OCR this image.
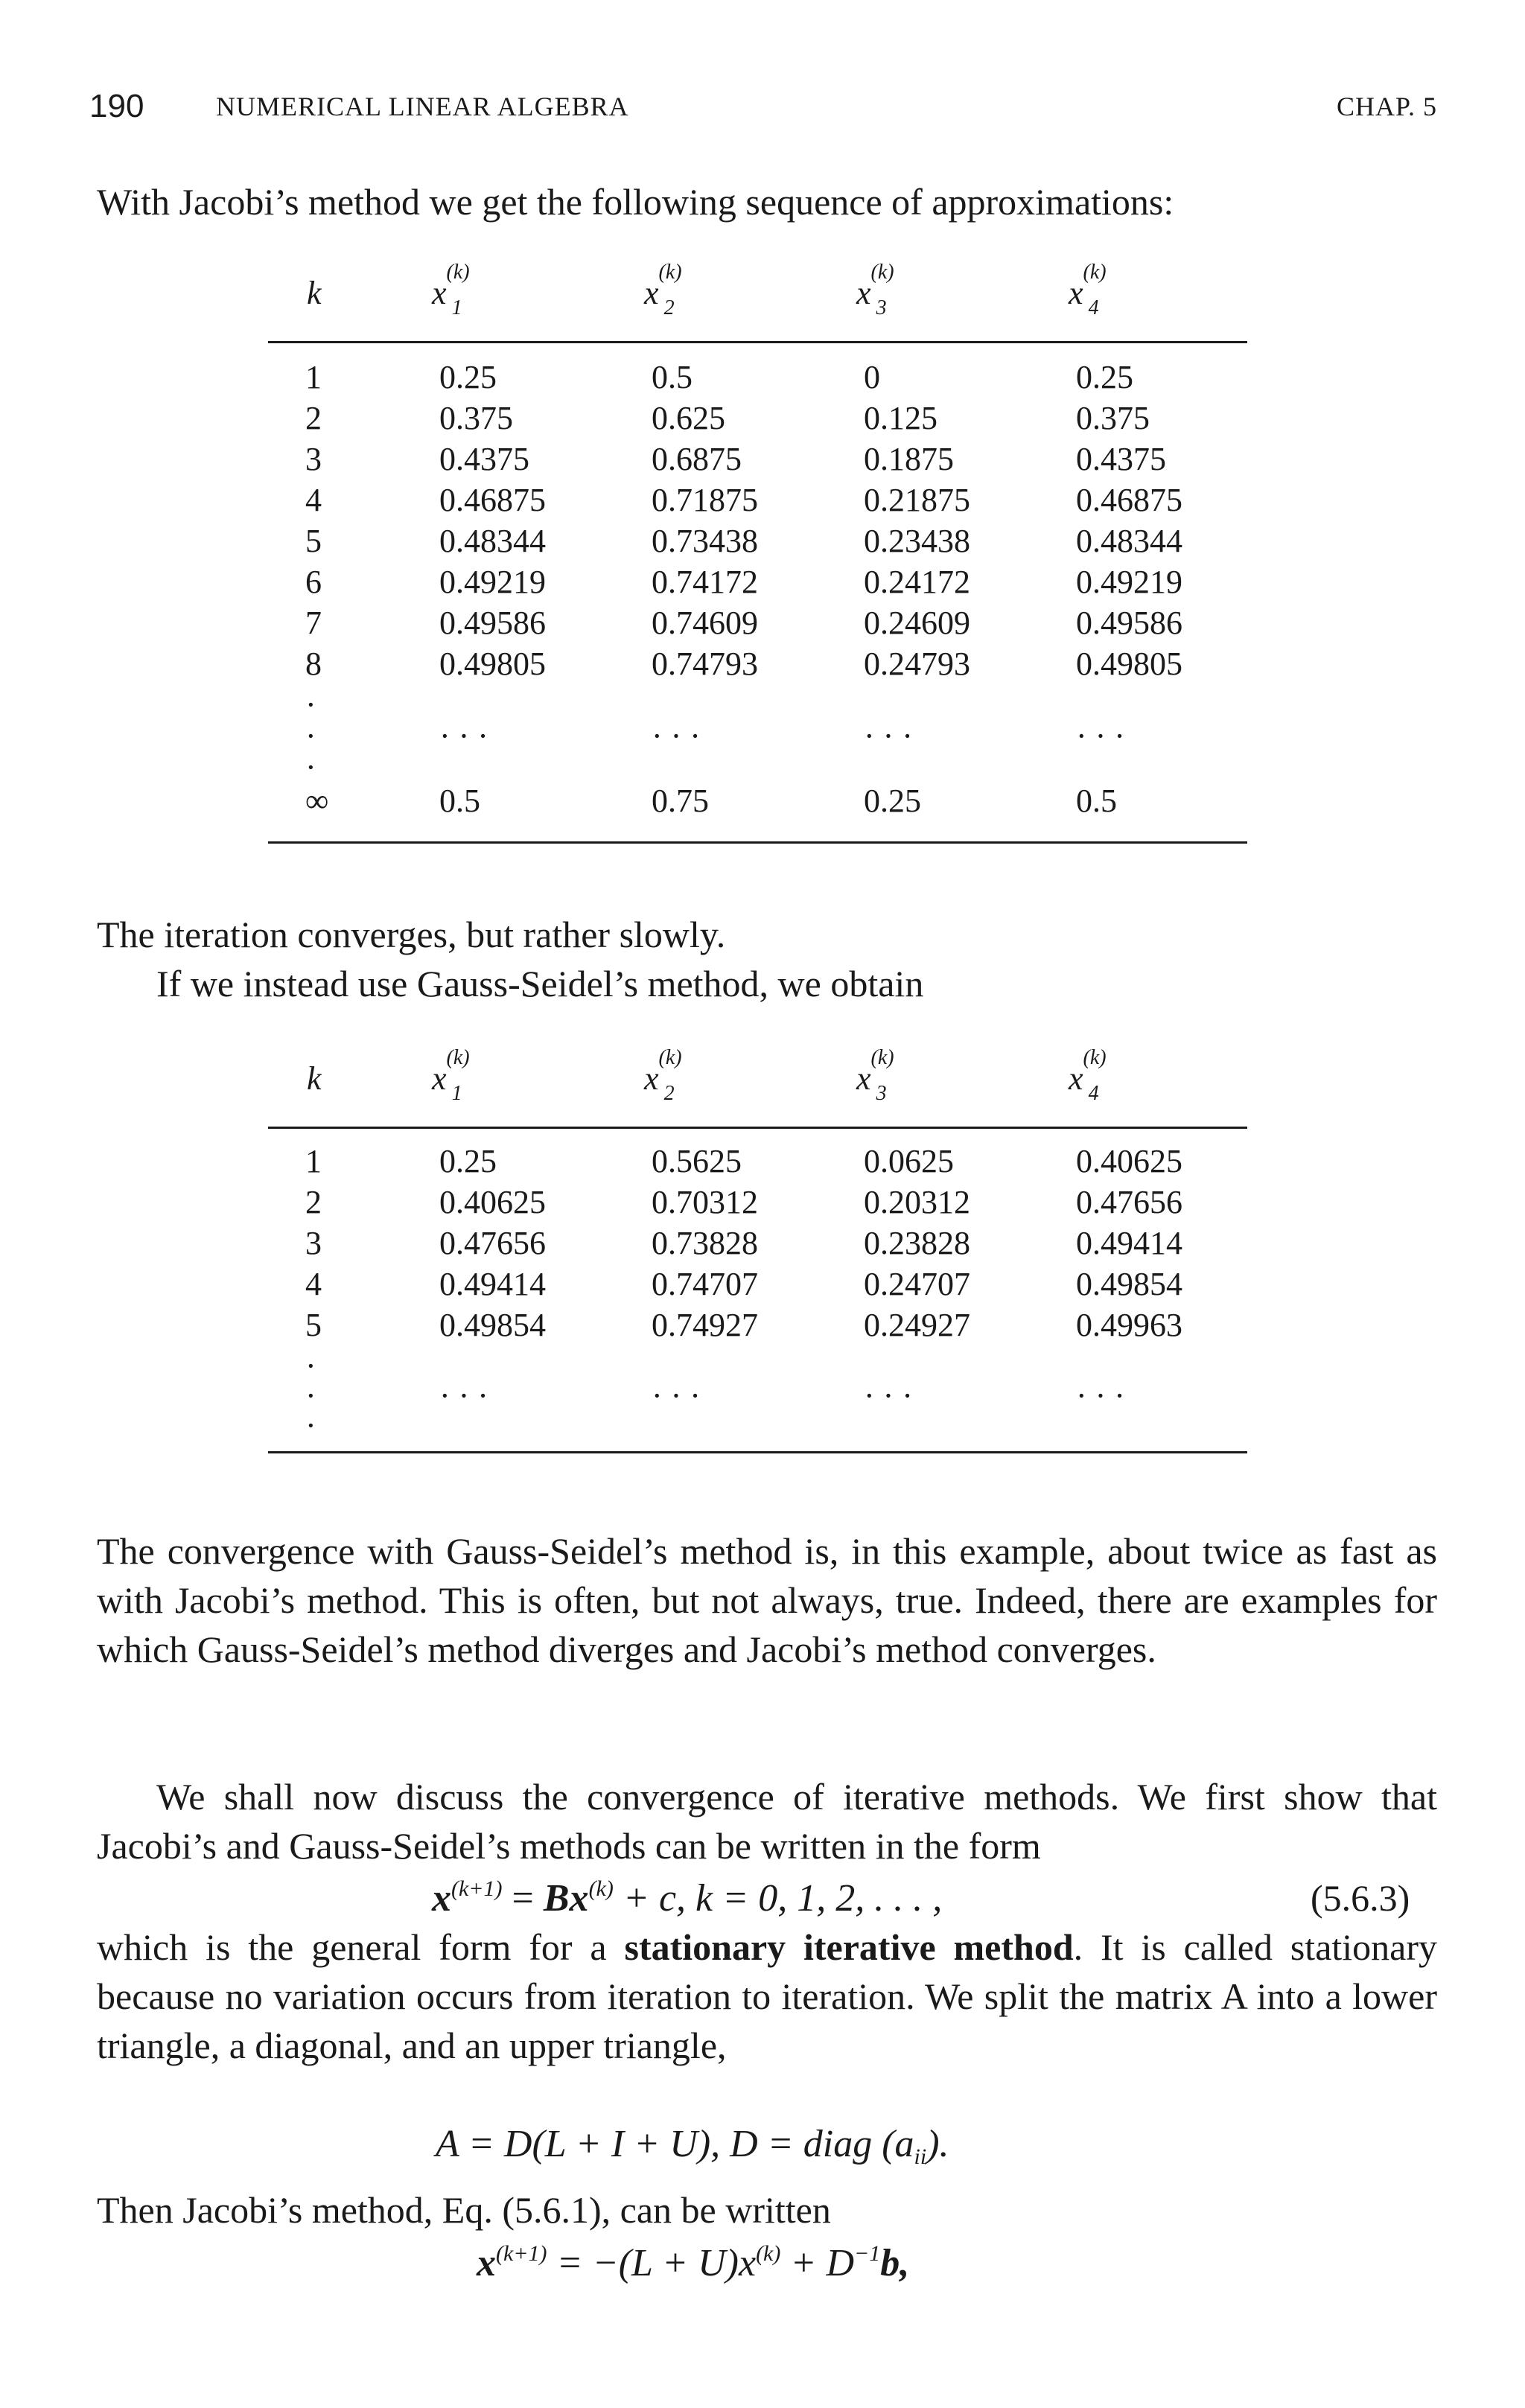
190	NUMERICAL LINEAR ALGEBRA	CHAP. 5
With Jacobi’s method we get the following sequence of approximations:
k	$x^{(k)}_1$	$x^{(k)}_2$	$x^{(k)}_3$	$x^{(k)}_4$
1	0.25	0.5	0	0.25
2	0.375	0.625	0.125	0.375
3	0.4375	0.6875	0.1875	0.4375
4	0.46875	0.71875	0.21875	0.46875
5	0.48344	0.73438	0.23438	0.48344
6	0.49219	0.74172	0.24172	0.49219
7	0.49586	0.74609	0.24609	0.49586
8	0.49805	0.74793	0.24793	0.49805
·
·	· · ·	· · ·	· · ·	· · ·
·
∞	0.5	0.75	0.25	0.5
The iteration converges, but rather slowly.
If we instead use Gauss-Seidel’s method, we obtain
k	$x^{(k)}_1$	$x^{(k)}_2$	$x^{(k)}_3$	$x^{(k)}_4$
1	0.25	0.5625	0.0625	0.40625
2	0.40625	0.70312	0.20312	0.47656
3	0.47656	0.73828	0.23828	0.49414
4	0.49414	0.74707	0.24707	0.49854
5	0.49854	0.74927	0.24927	0.49963
·
·	· · ·	· · ·	· · ·	· · ·
·
The convergence with Gauss-Seidel’s method is, in this example, about twice as fast as with Jacobi’s method. This is often, but not always, true. Indeed, there are examples for which Gauss-Seidel’s method diverges and Jacobi’s method converges.
We shall now discuss the convergence of iterative methods. We first show that Jacobi’s and Gauss-Seidel’s methods can be written in the form
$x^{(k+1)} = Bx^{(k)} + c$, k = 0, 1, 2, . . . ,	(5.6.3)
which is the general form for a stationary iterative method. It is called stationary because no variation occurs from iteration to iteration. We split the matrix A into a lower triangle, a diagonal, and an upper triangle,
A = D(L + I + U), D = diag (aii).
Then Jacobi’s method, Eq. (5.6.1), can be written
$x^{(k+1)} = -(L + U)x^{(k)} + D^{-1}b$,
